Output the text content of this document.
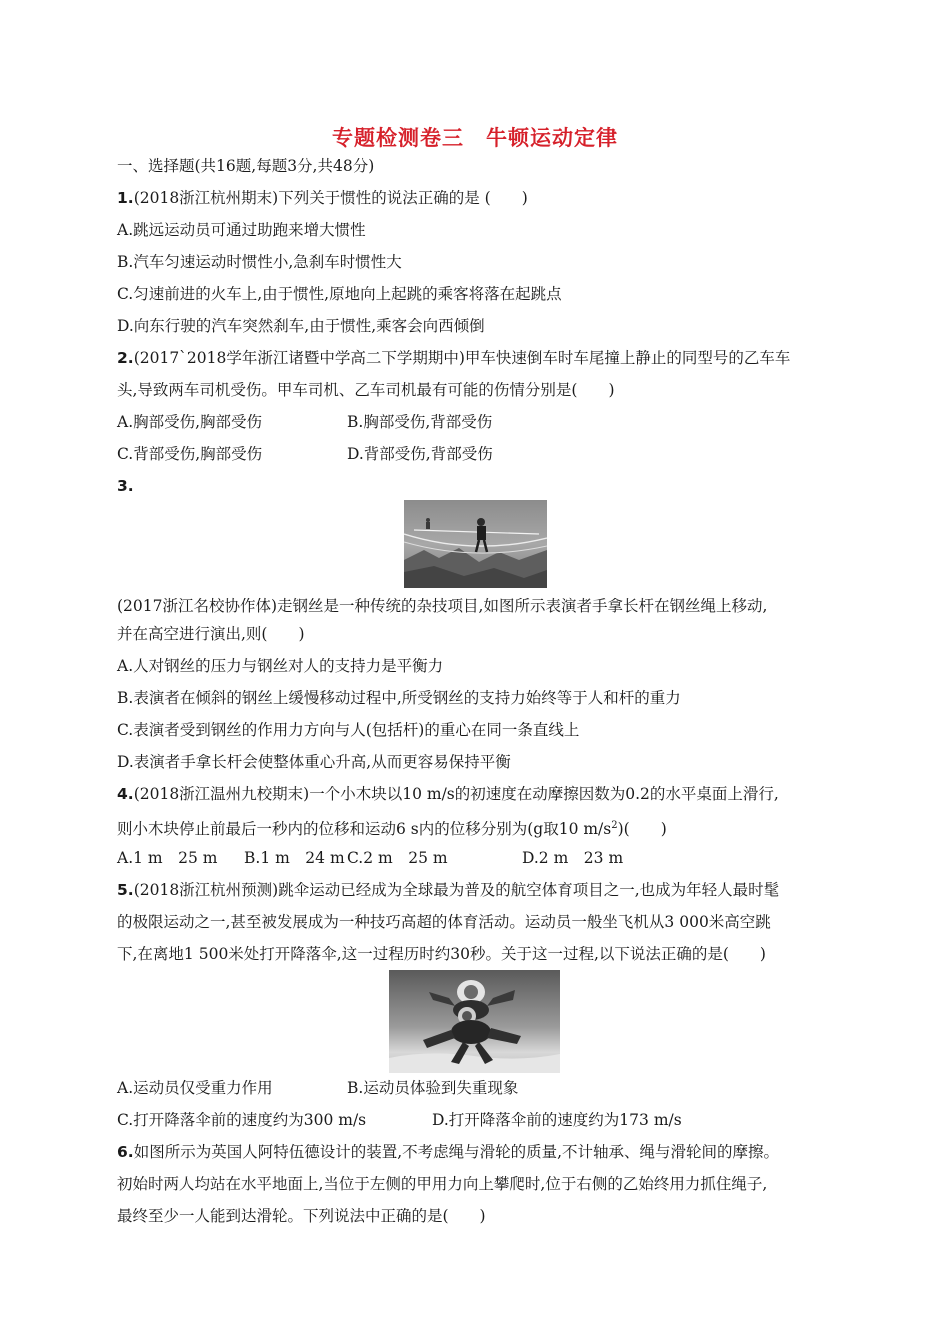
专题检测卷三　牛顿运动定律
一、选择题(共16题,每题3分,共48分)
1.(2018浙江杭州期末)下列关于惯性的说法正确的是 (　　)
A.跳远运动员可通过助跑来增大惯性
B.汽车匀速运动时惯性小,急刹车时惯性大
C.匀速前进的火车上,由于惯性,原地向上起跳的乘客将落在起跳点
D.向东行驶的汽车突然刹车,由于惯性,乘客会向西倾倒
2.(2017`2018学年浙江诸暨中学高二下学期期中)甲车快速倒车时车尾撞上静止的同型号的乙车车
头,导致两车司机受伤。甲车司机、乙车司机最有可能的伤情分别是(　　)
A.胸部受伤,胸部受伤	B.胸部受伤,背部受伤
C.背部受伤,胸部受伤	D.背部受伤,背部受伤
3.
(2017浙江名校协作体)走钢丝是一种传统的杂技项目,如图所示表演者手拿长杆在钢丝绳上移动,
并在高空进行演出,则(　　)
A.人对钢丝的压力与钢丝对人的支持力是平衡力
B.表演者在倾斜的钢丝上缓慢移动过程中,所受钢丝的支持力始终等于人和杆的重力
C.表演者受到钢丝的作用力方向与人(包括杆)的重心在同一条直线上
D.表演者手拿长杆会使整体重心升高,从而更容易保持平衡
4.(2018浙江温州九校期末)一个小木块以10 m/s的初速度在动摩擦因数为0.2的水平桌面上滑行,
则小木块停止前最后一秒内的位移和运动6 s内的位移分别为(g取10 $m/s^2$)(　　)
A.1 m　25 m B.1 m　24 m C.2 m　25 m	D.2 m　23 m
5.(2018浙江杭州预测)跳伞运动已经成为全球最为普及的航空体育项目之一,也成为年轻人最时髦
的极限运动之一,甚至被发展成为一种技巧高超的体育活动。运动员一般坐飞机从3 000米高空跳
下,在离地1 500米处打开降落伞,这一过程历时约30秒。关于这一过程,以下说法正确的是(　　)
A.运动员仅受重力作用	B.运动员体验到失重现象
C.打开降落伞前的速度约为300 m/s	D.打开降落伞前的速度约为173 m/s
6.如图所示为英国人阿特伍德设计的装置,不考虑绳与滑轮的质量,不计轴承、绳与滑轮间的摩擦。
初始时两人均站在水平地面上,当位于左侧的甲用力向上攀爬时,位于右侧的乙始终用力抓住绳子,
最终至少一人能到达滑轮。下列说法中正确的是(　　)
